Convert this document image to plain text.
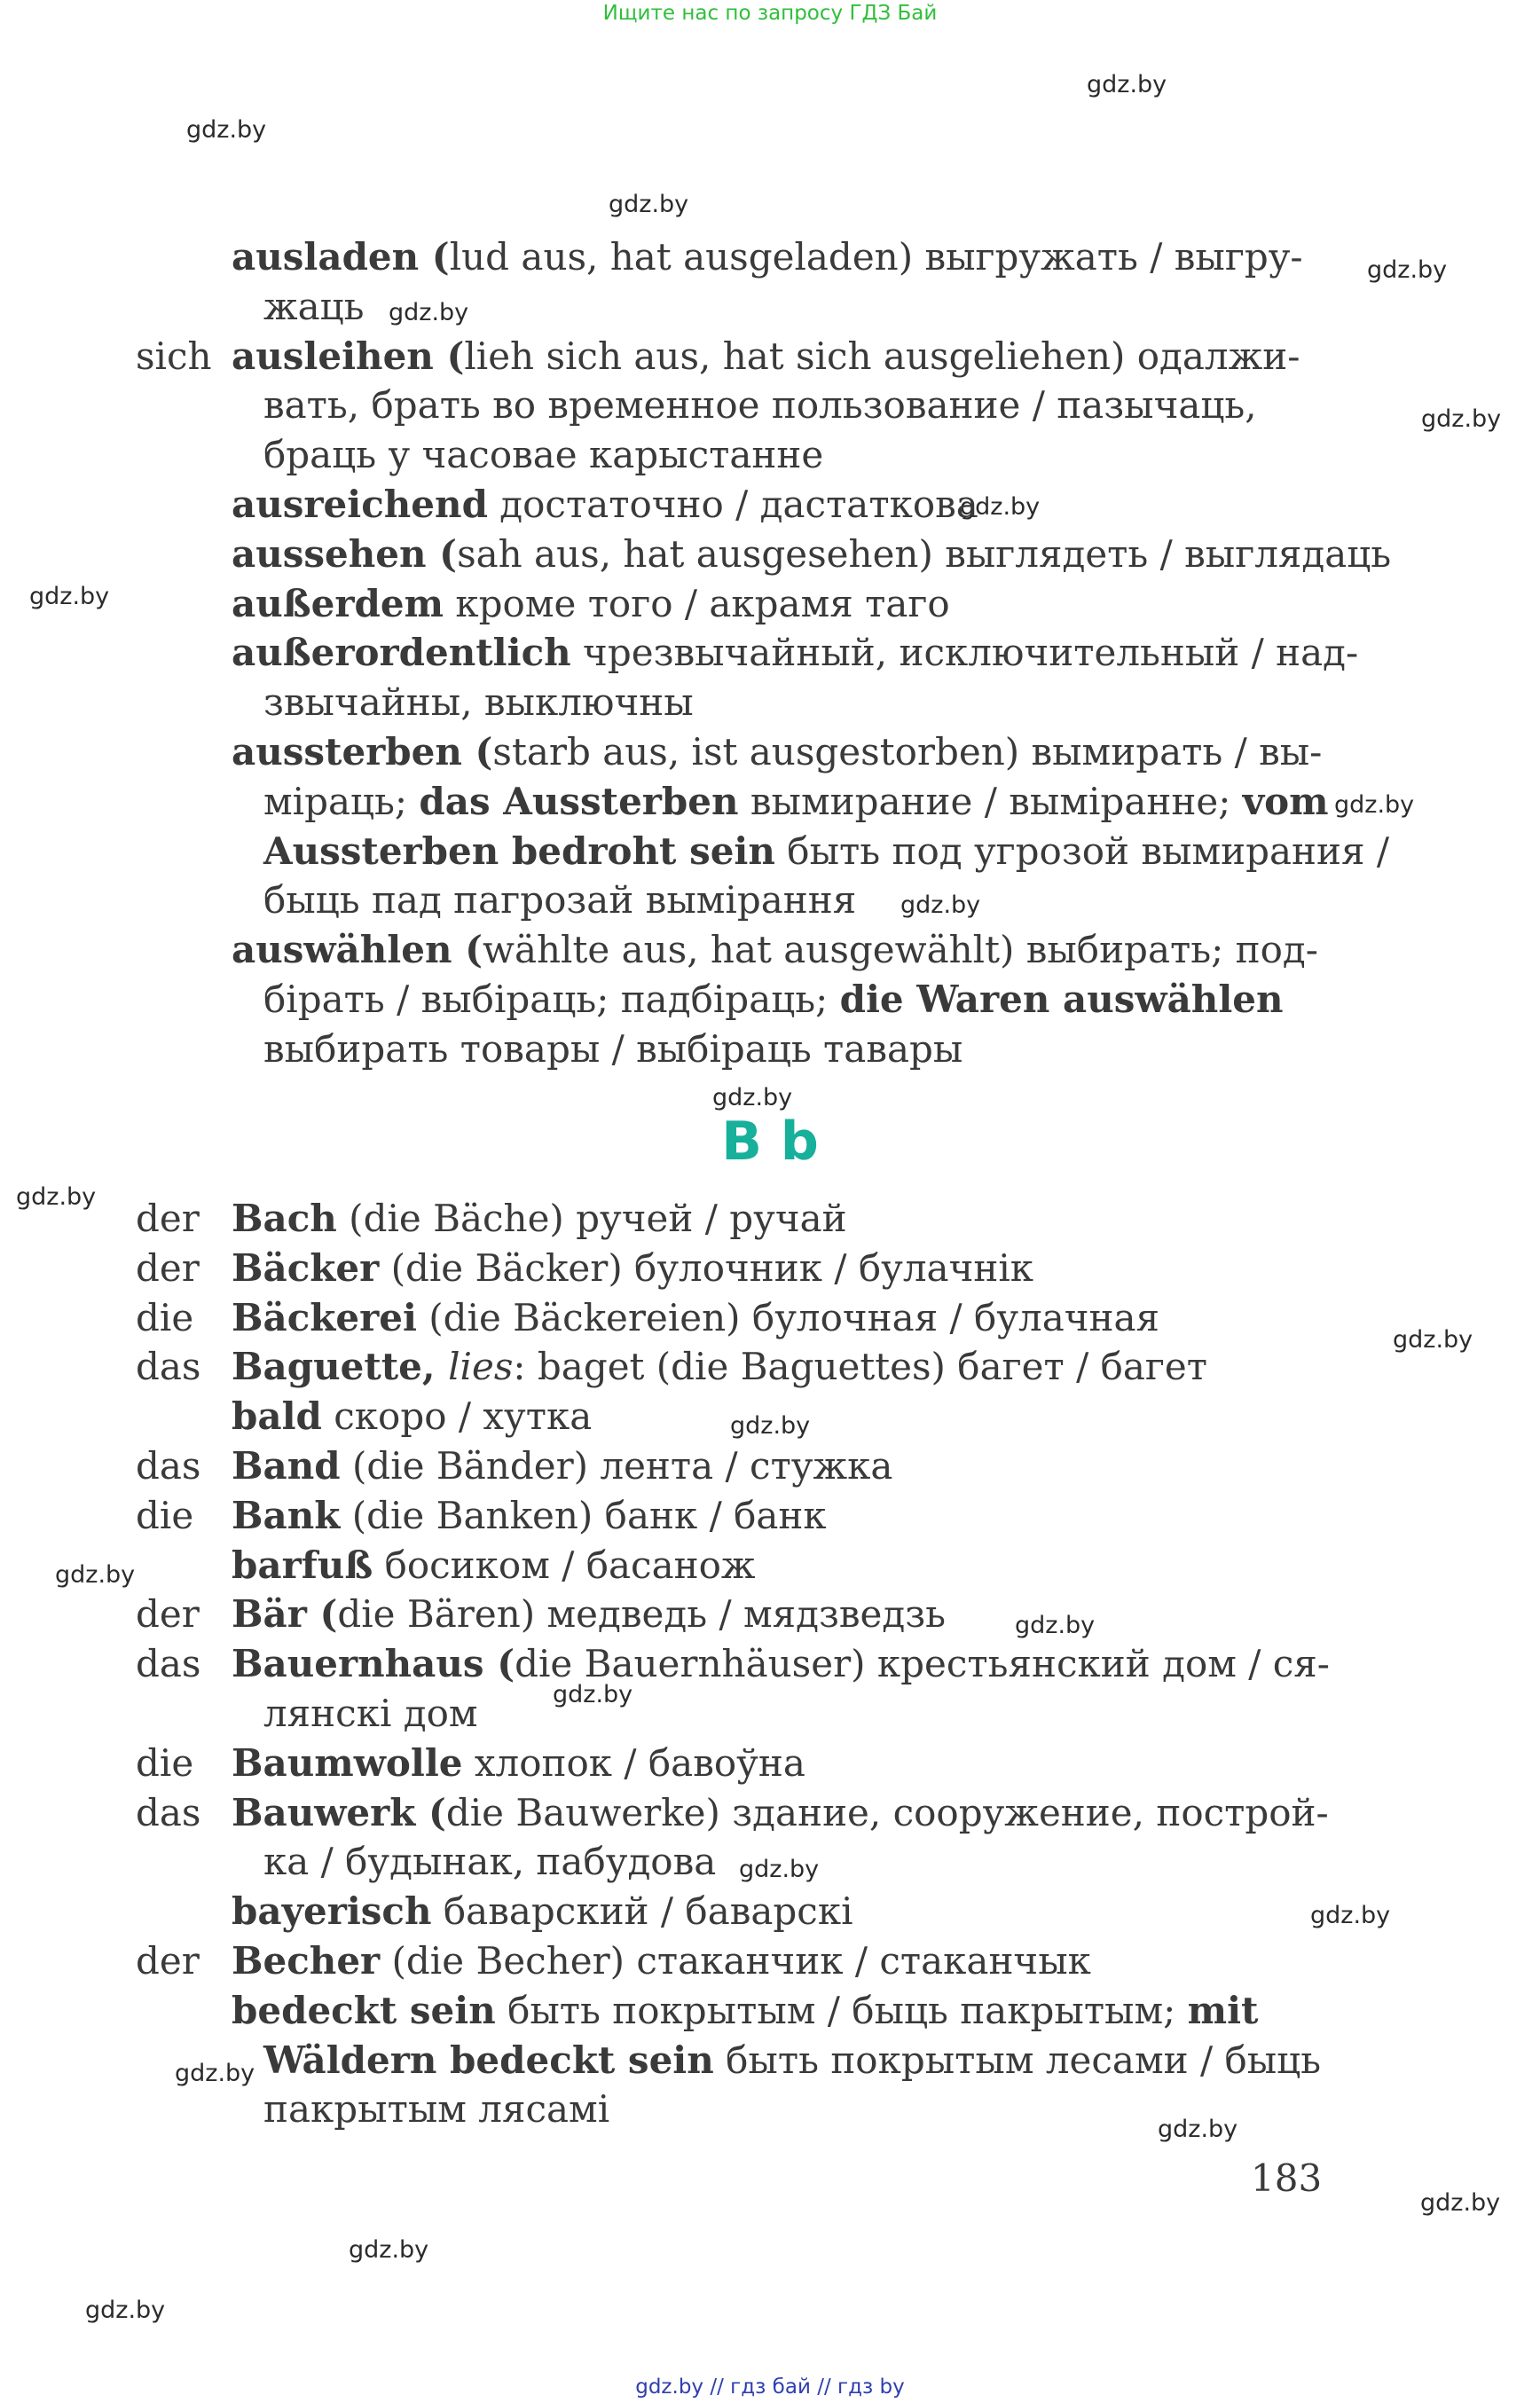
Ищите нас по запросу ГДЗ Бай
gdz.by
gdz.by
gdz.by
gdz.by
gdz.by
gdz.by
gdz.by
gdz.by
gdz.by
gdz.by
gdz.by
gdz.by
gdz.by
gdz.by
gdz.by
gdz.by
gdz.by
gdz.by
gdz.by
gdz.by
gdz.by
gdz.by
gdz.by
gdz.by
ausladen (lud aus, hat ausgeladen) выгружать / выгру-
жаць
sich ausleihen (lieh sich aus, hat sich ausgeliehen) одалжи-
вать, брать во временное пользование / пазычаць,
браць у часовае карыстанне
ausreichend достаточно / дастаткова
aussehen (sah aus, hat ausgesehen) выглядеть / выглядаць
außerdem кроме того / акрамя таго
außerordentlich чрезвычайный, исключительный / над-
звычайны, выключны
aussterben (starb aus, ist ausgestorben) вымирать / вы-
міраць; das Aussterben вымирание / выміранне; vom
Aussterben bedroht sein быть под угрозой вымирания /
быць пад пагрозай вымірання
auswählen (wählte aus, hat ausgewählt) выбирать; под-
бірать / выбіраць; падбіраць; die Waren auswählen
выбирать товары / выбіраць тавары
B b
der Bach (die Bäche) ручей / ручай
der Bäcker (die Bäcker) булочник / булачнік
die Bäckerei (die Bäckereien) булочная / булачная
das Baguette, lies: baget (die Baguettes) багет / багет
bald скоро / хутка
das Band (die Bänder) лента / стужка
die Bank (die Banken) банк / банк
barfuß босиком / басанож
der Bär (die Bären) медведь / мядзведзь
das Bauernhaus (die Bauernhäuser) крестьянский дом / ся-
лянскі дом
die Baumwolle хлопок / бавоўна
das Bauwerk (die Bauwerke) здание, сооружение, построй-
ка / будынак, пабудова
bayerisch баварский / баварскі
der Becher (die Becher) стаканчик / стаканчык
bedeckt sein быть покрытым / быць пакрытым; mit
Wäldern bedeckt sein быть покрытым лесами / быць
пакрытым лясамі
183
gdz.by // гдз бай // гдз by
